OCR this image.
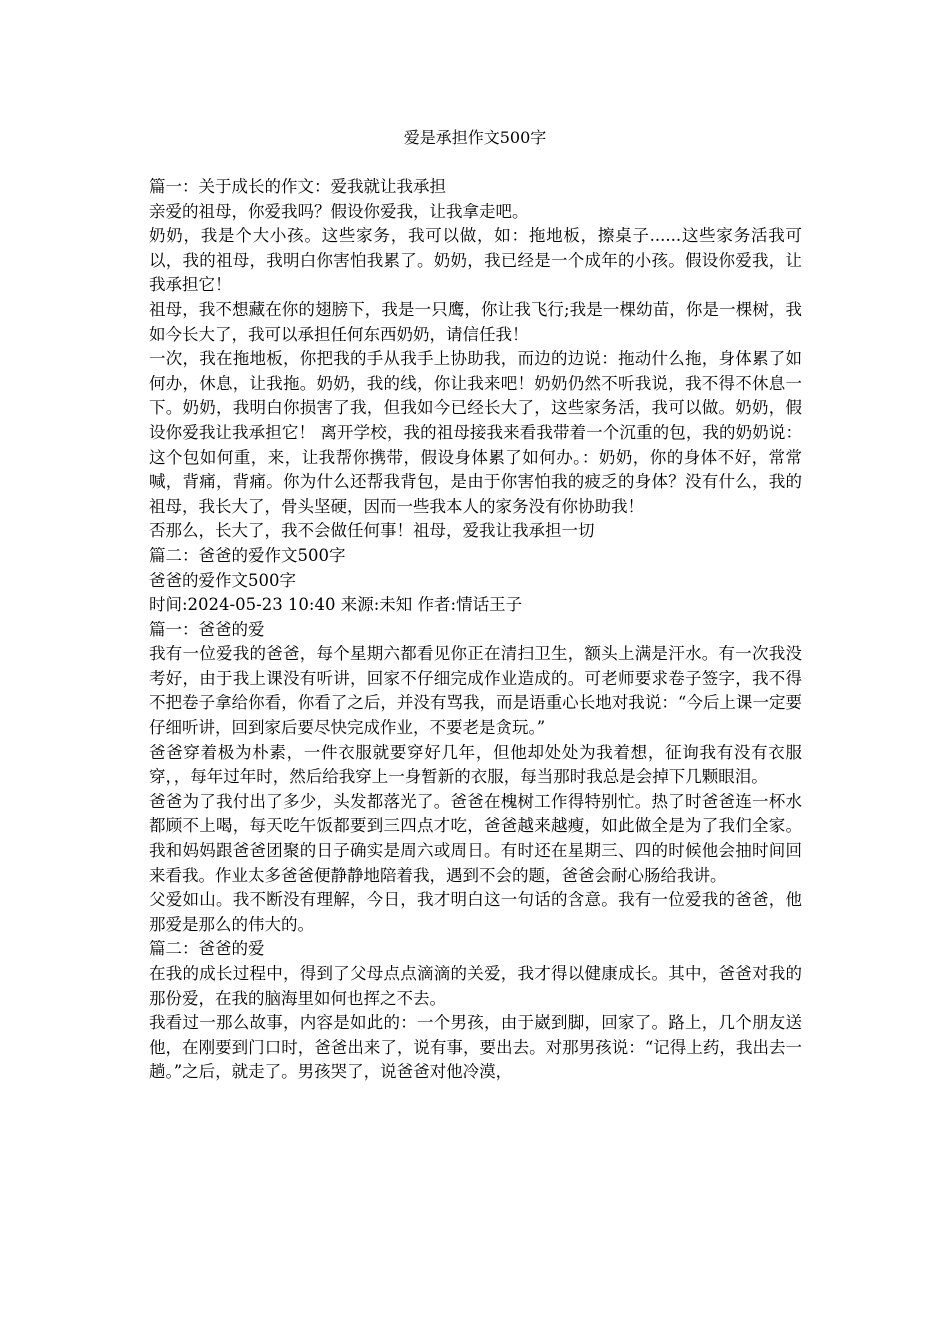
爱是承担作文500字

篇一：关于成长的作文：爱我就让我承担

亲爱的祖母，你爱我吗？假设你爱我，让我拿走吧。

奶奶，我是个大小孩。这些家务，我可以做，如：拖地板，擦桌子......这些家务活我可以，我的祖母，我明白你害怕我累了。奶奶，我已经是一个成年的小孩。假设你爱我，让我承担它！

祖母，我不想藏在你的翅膀下，我是一只鹰，你让我飞行;我是一棵幼苗，你是一棵树，我如今长大了，我可以承担任何东西奶奶，请信任我！

一次，我在拖地板，你把我的手从我手上协助我，而边的边说：拖动什么拖，身体累了如何办，休息，让我拖。奶奶，我的线，你让我来吧！奶奶仍然不听我说，我不得不休息一下。奶奶，我明白你损害了我，但我如今已经长大了，这些家务活，我可以做。奶奶，假设你爱我让我承担它！ 离开学校，我的祖母接我来看我带着一个沉重的包，我的奶奶说：这个包如何重，来，让我帮你携带，假设身体累了如何办。：奶奶，你的身体不好，常常喊，背痛，背痛。你为什么还帮我背包，是由于你害怕我的疲乏的身体？没有什么，我的祖母，我长大了，骨头坚硬，因而一些我本人的家务没有你协助我！

否那么，长大了，我不会做任何事！祖母，爱我让我承担一切

篇二：爸爸的爱作文500字

爸爸的爱作文500字

时间:2024-05-23 10:40 来源:未知 作者:情话王子

篇一：爸爸的爱

我有一位爱我的爸爸，每个星期六都看见你正在清扫卫生，额头上满是汗水。有一次我没考好，由于我上课没有听讲，回家不仔细完成作业造成的。可老师要求卷子签字，我不得不把卷子拿给你看，你看了之后，并没有骂我，而是语重心长地对我说：“今后上课一定要仔细听讲，回到家后要尽快完成作业，不要老是贪玩。”

爸爸穿着极为朴素，一件衣服就要穿好几年，但他却处处为我着想，征询我有没有衣服穿，，每年过年时，然后给我穿上一身暂新的衣服，每当那时我总是会掉下几颗眼泪。

爸爸为了我付出了多少，头发都落光了。爸爸在槐树工作得特别忙。热了时爸爸连一杯水都顾不上喝，每天吃午饭都要到三四点才吃，爸爸越来越瘦，如此做全是为了我们全家。我和妈妈跟爸爸团聚的日子确实是周六或周日。有时还在星期三、四的时候他会抽时间回来看我。作业太多爸爸便静静地陪着我，遇到不会的题，爸爸会耐心肠给我讲。

父爱如山。我不断没有理解，今日，我才明白这一句话的含意。我有一位爱我的爸爸，他那爱是那么的伟大的。

篇二：爸爸的爱

在我的成长过程中，得到了父母点点滴滴的关爱，我才得以健康成长。其中，爸爸对我的那份爱，在我的脑海里如何也挥之不去。

我看过一那么故事，内容是如此的：一个男孩，由于崴到脚，回家了。路上，几个朋友送他，在刚要到门口时，爸爸出来了，说有事，要出去。对那男孩说：“记得上药，我出去一趟。”之后，就走了。男孩哭了，说爸爸对他冷漠，
